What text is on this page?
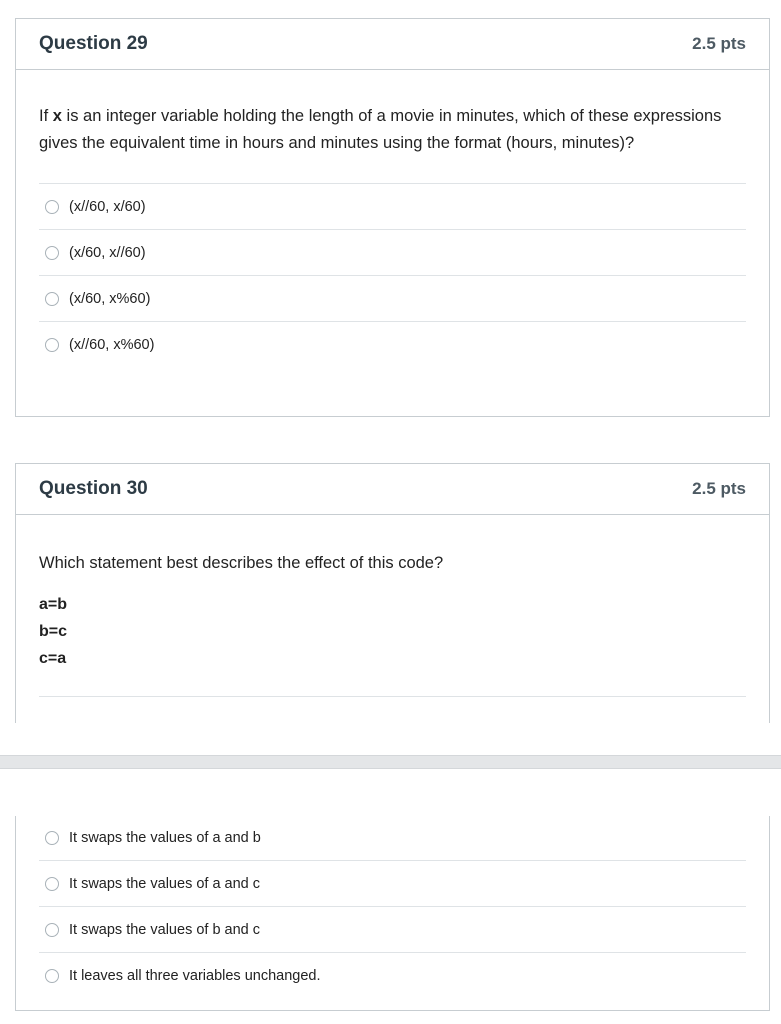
Question 29	2.5 pts
If x is an integer variable holding the length of a movie in minutes, which of these expressions gives the equivalent time in hours and minutes using the format (hours, minutes)?
(x//60, x/60)
(x/60, x//60)
(x/60, x%60)
(x//60, x%60)
Question 30	2.5 pts
Which statement best describes the effect of this code?
a=b
b=c
c=a
It swaps the values of a and b
It swaps the values of a and c
It swaps the values of b and c
It leaves all three variables unchanged.
